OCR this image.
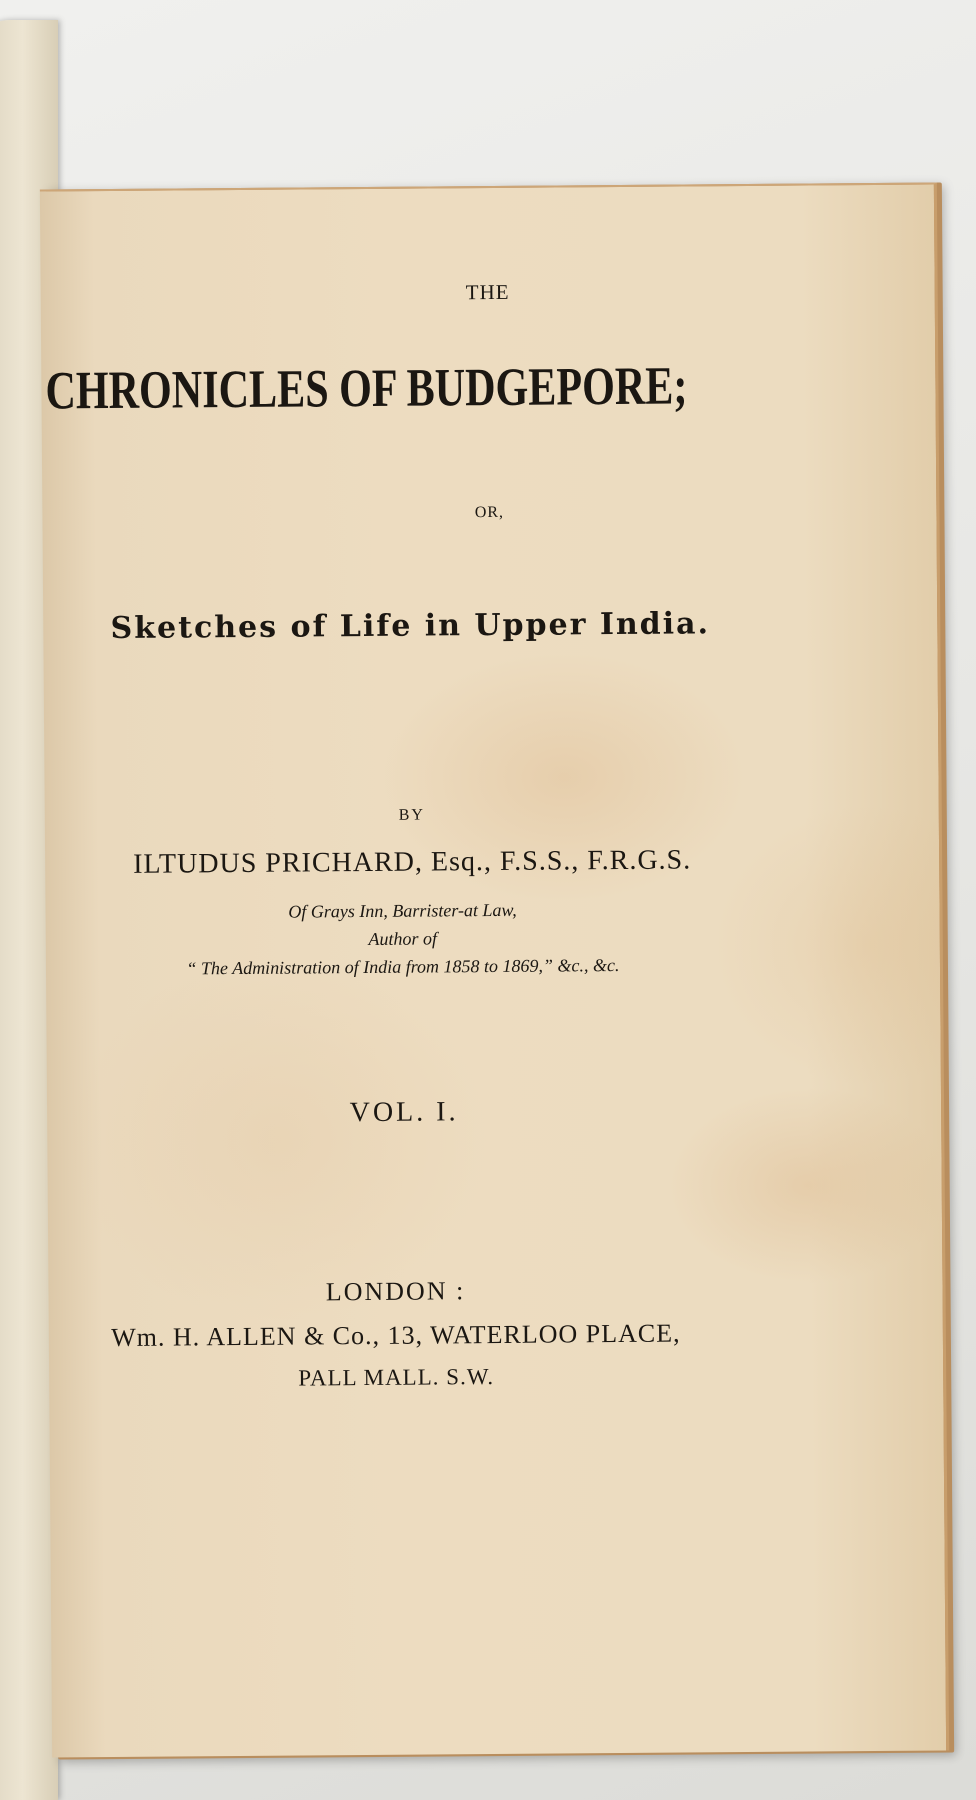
THE
CHRONICLES OF BUDGEPORE;
OR,
Sketches of Life in Upper India.
BY
ILTUDUS PRICHARD, Esq., F.S.S., F.R.G.S.
Of Grays Inn, Barrister-at Law,
Author of
“ The Administration of India from 1858 to 1869,” &c., &c.
VOL. I.
LONDON :
Wm. H. ALLEN & Co., 13, WATERLOO PLACE,
PALL MALL. S.W.
